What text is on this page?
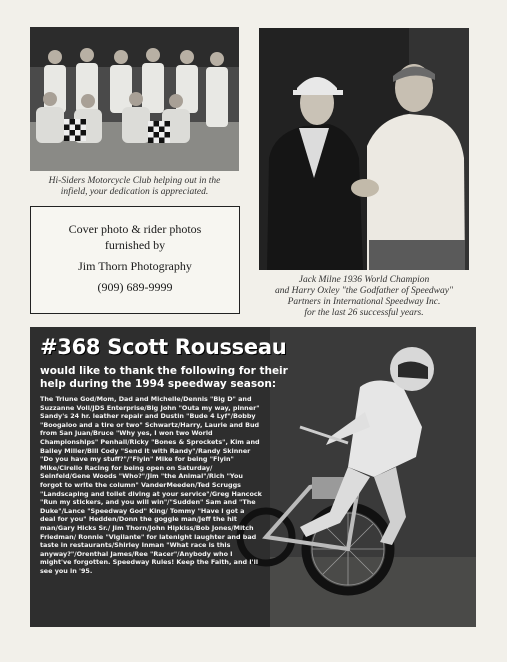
Hi-Siders Motorcycle Club helping out in the
infield, your dedication is appreciated.
Jack Milne 1936 World Champion
and Harry Oxley "the Godfather of Speedway"
Partners in International Speedway Inc.
for the last 26 successful years.
Cover photo & rider photos
furnished by
Jim Thorn Photography
(909) 689-9999
#368 Scott Rousseau
would like to thank the following for their help during the 1994 speedway season:
The Triune God/Mom, Dad and Michelle/Dennis "Big D" and Suzzanne Voll/JDS Enterprise/Big John "Outa my way, pinner" Sandy's 24 hr. leather repair and Dustin "Bude 4 Lyf"/Bobby "Boogaloo and a tire or two" Schwartz/Harry, Laurie and Bud from San Juan/Bruce "Why yes, I won two World Championships" Penhall/Ricky "Bones & Sprockets", Kim and Bailey Miller/Bill Cody "Send it with Randy"/Randy Skinner "Do you have my stuff?"/"Flyin" Mike for being "Flyin" Mike/Cirello Racing for being open on Saturday/ Seinfeld/Gene Woods "Who?"/Jim "the Animal"/Rich "You forgot to write the column" VanderMeeden/Ted Scruggs "Landscaping and toilet diving at your service"/Greg Hancock "Run my stickers, and you will win"/"Sudden" Sam and "The Duke"/Lance "Speedway God" King/ Tommy "Have I got a deal for you" Hedden/Donn the goggle man/Jeff the hit man/Gary Hicks Sr./ Jim Thorn/John Hipkiss/Bob Jones/Mitch Friedman/ Ronnie "Vigilante" for latenight laughter and bad taste in restaurants/Shirley Inman "What race is this anyway?"/Orenthal James/Ree "Racer"/Anybody who I might've forgotten. Speedway Rules! Keep the Faith, and I'll see you in '95.
